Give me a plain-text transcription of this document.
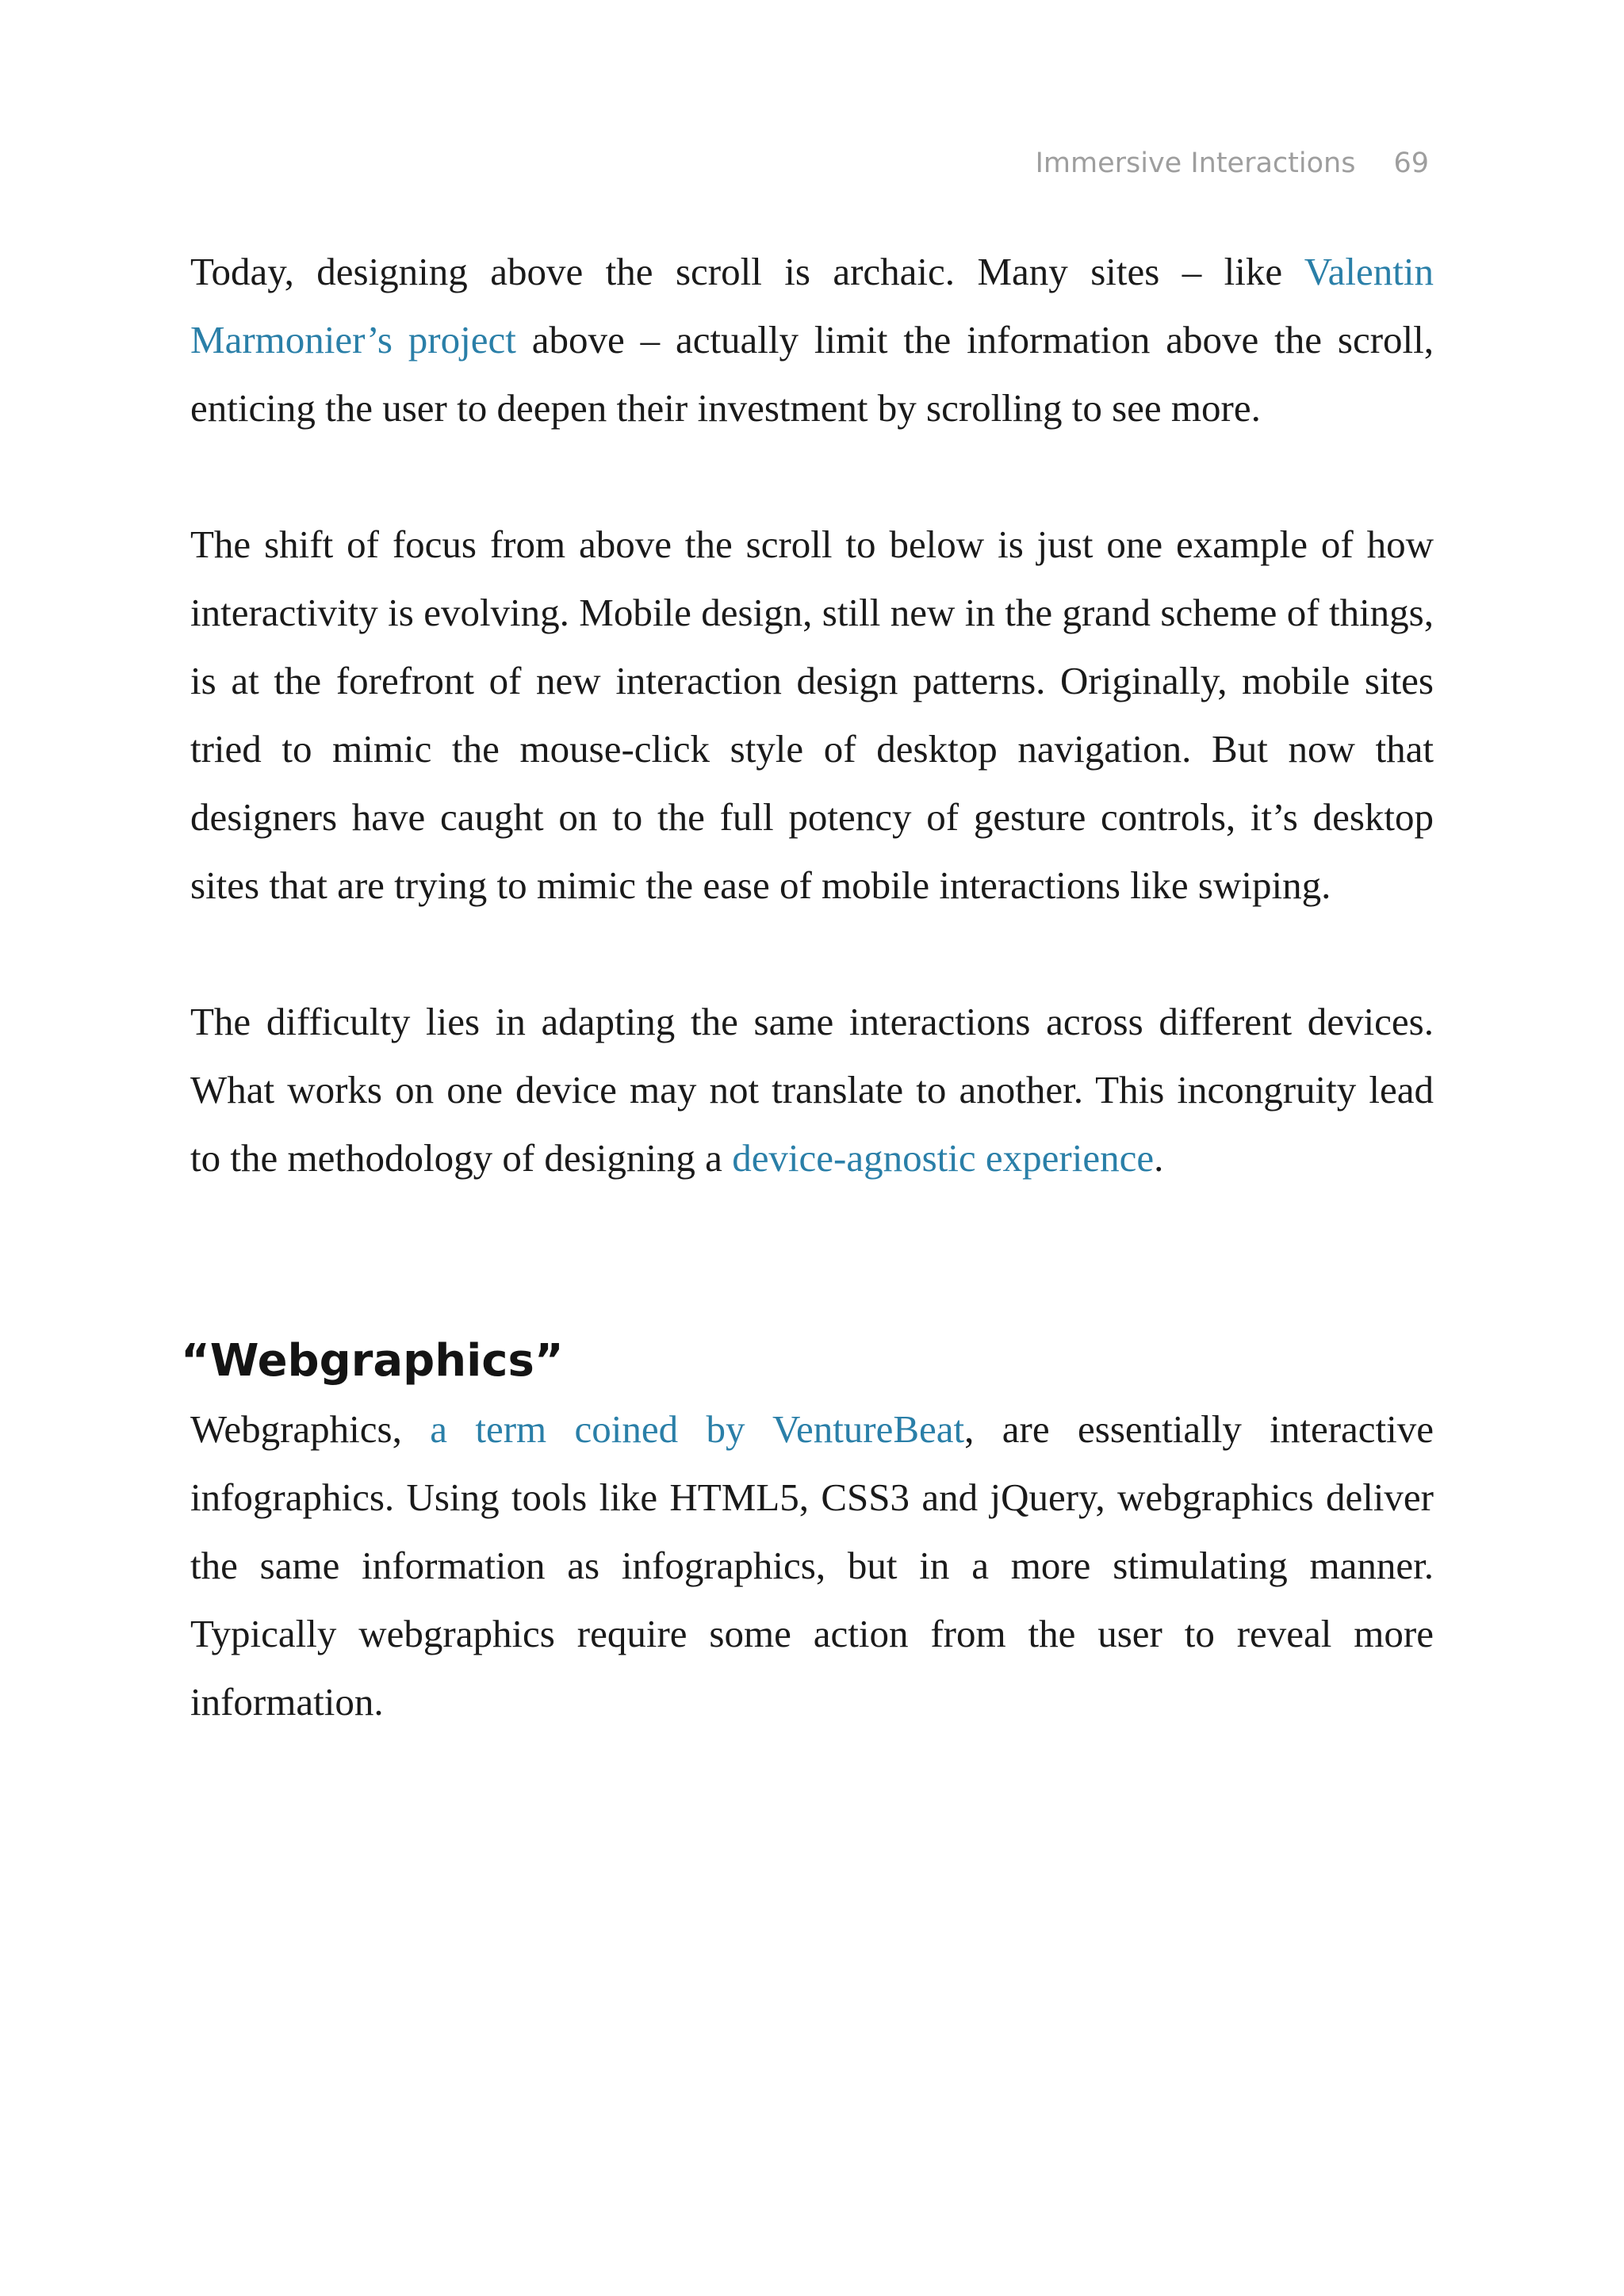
Immersive Interactions 69

Today, designing above the scroll is archaic. Many sites – like Valentin Marmonier’s project above – actually limit the information above the scroll, enticing the user to deepen their investment by scrolling to see more.

The shift of focus from above the scroll to below is just one example of how interactivity is evolving. Mobile design, still new in the grand scheme of things, is at the forefront of new interaction design patterns. Originally, mobile sites tried to mimic the mouse-click style of desktop navigation. But now that designers have caught on to the full potency of gesture controls, it’s desktop sites that are trying to mimic the ease of mobile interactions like swiping.

The difficulty lies in adapting the same interactions across different devices. What works on one device may not translate to another. This incongruity lead to the methodology of designing a device-agnostic experience.

“Webgraphics”

Webgraphics, a term coined by VentureBeat, are essentially interactive infographics. Using tools like HTML5, CSS3 and jQuery, webgraphics deliver the same information as infographics, but in a more stimulating manner. Typically webgraphics require some action from the user to reveal more information.
